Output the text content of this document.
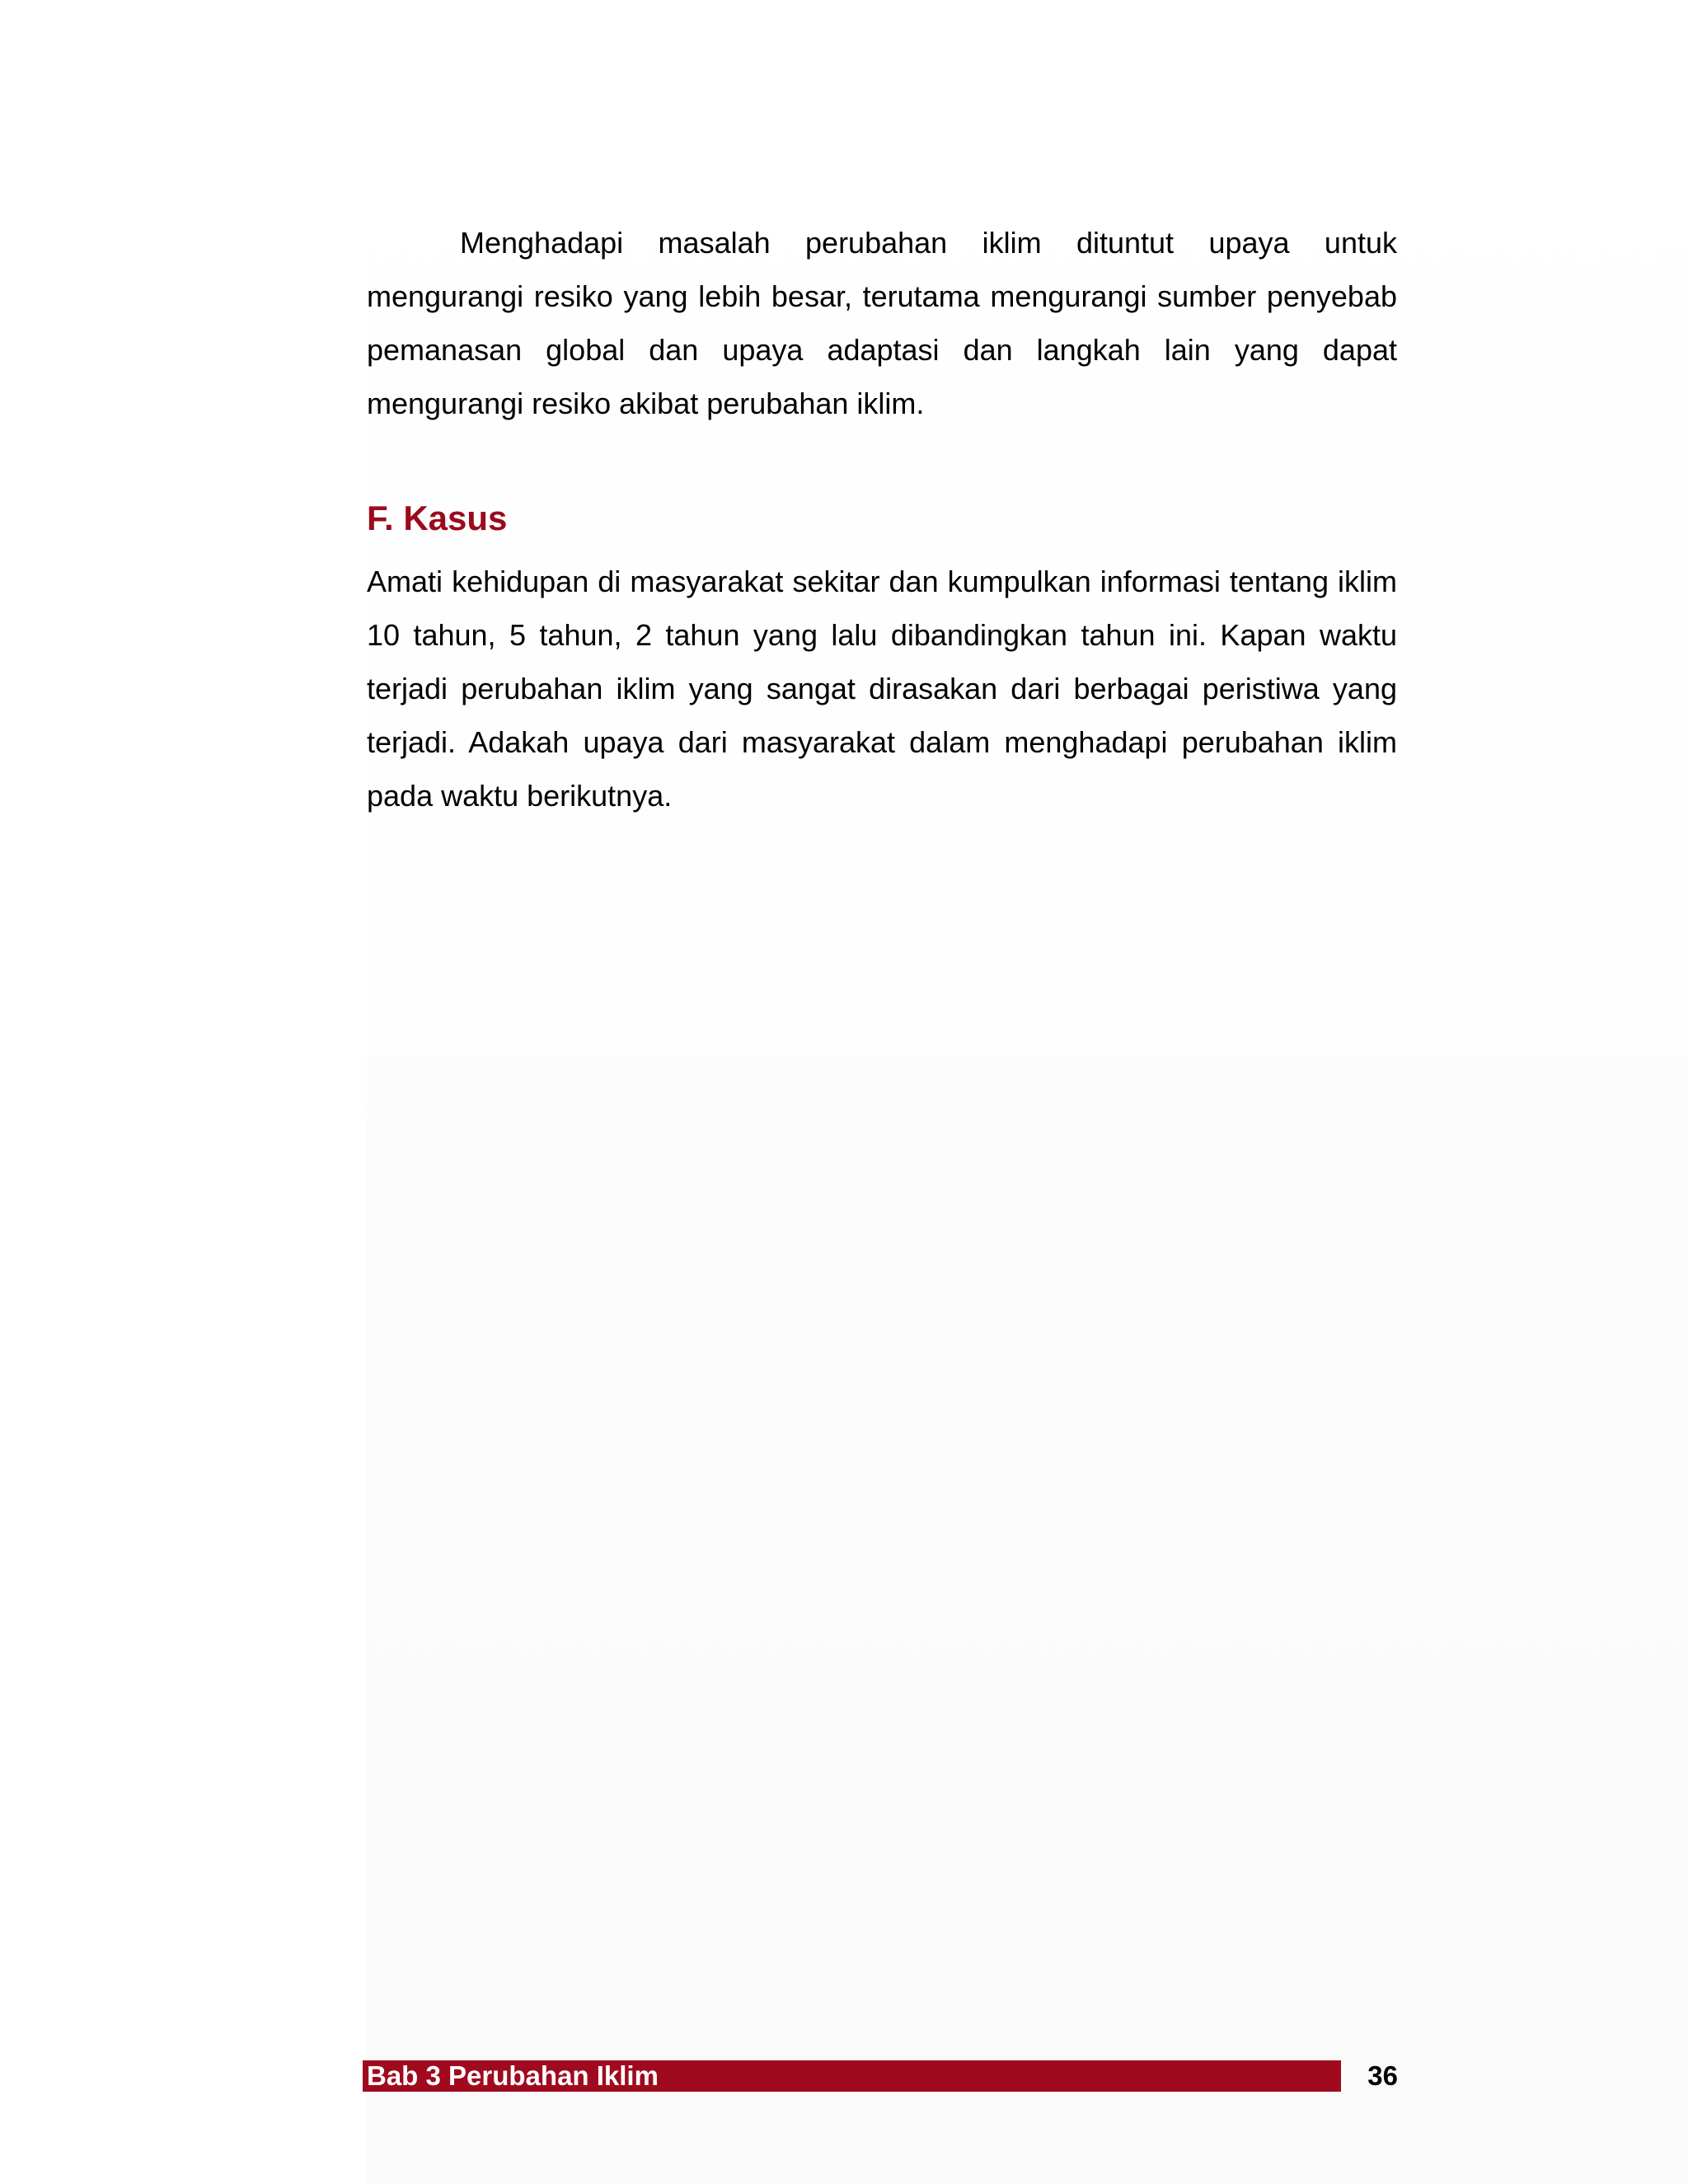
Menghadapi masalah perubahan iklim dituntut upaya untuk mengurangi resiko yang lebih besar, terutama mengurangi sumber penyebab pemanasan global dan upaya adaptasi dan langkah lain yang dapat mengurangi resiko akibat perubahan iklim.

F. Kasus

Amati kehidupan di masyarakat sekitar dan kumpulkan informasi tentang iklim 10 tahun, 5 tahun, 2 tahun yang lalu dibandingkan tahun ini. Kapan waktu terjadi perubahan iklim yang sangat dirasakan dari berbagai peristiwa yang terjadi. Adakah upaya dari masyarakat dalam menghadapi perubahan iklim pada waktu berikutnya.

Bab 3 Perubahan Iklim	36
